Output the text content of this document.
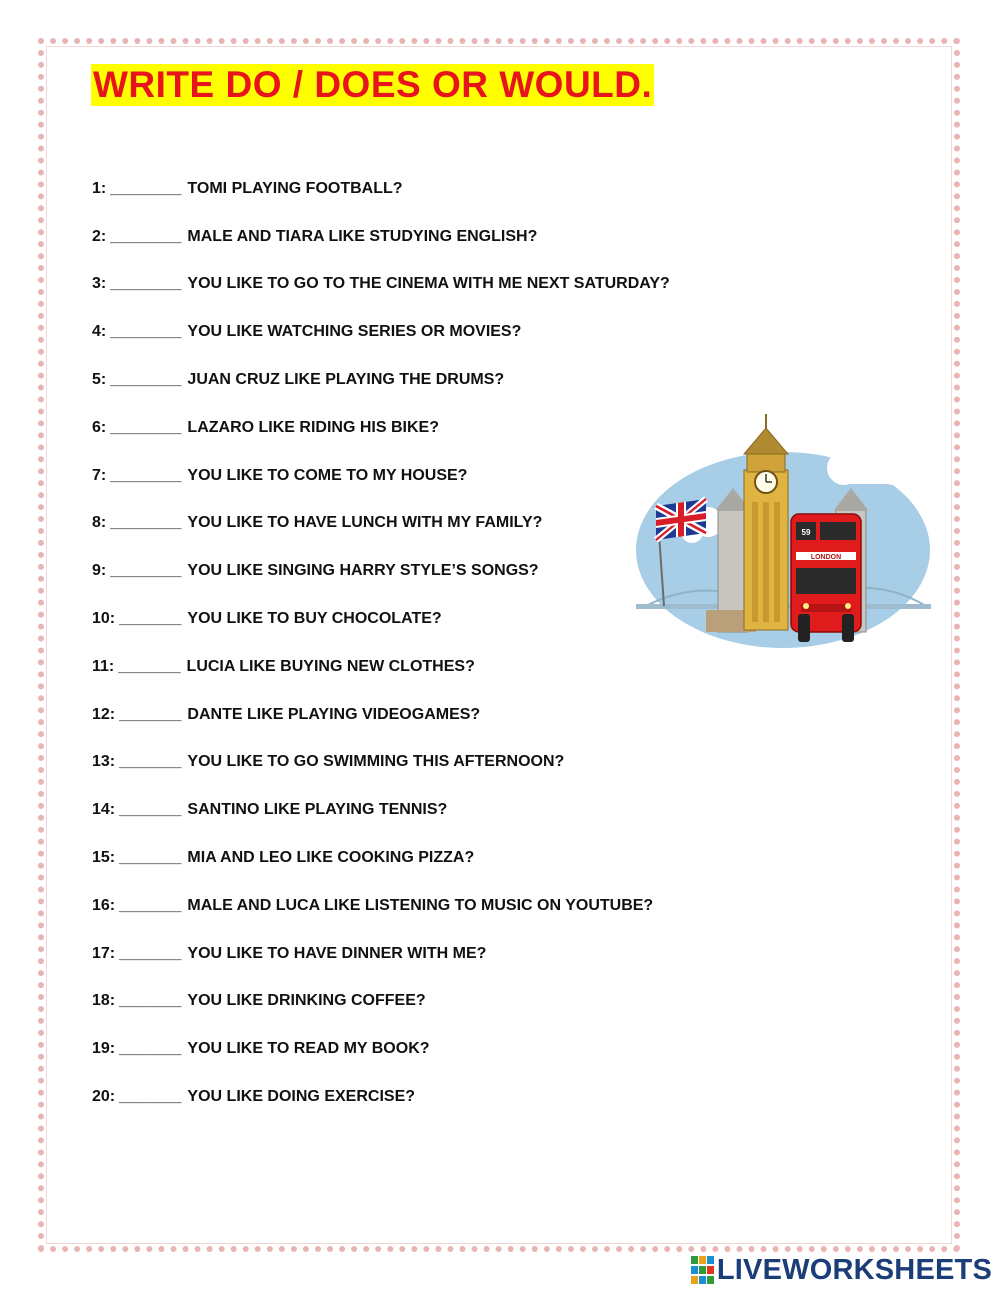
WRITE DO / DOES OR WOULD.
1: ________ TOMI PLAYING FOOTBALL?
2: ________ MALE AND TIARA LIKE STUDYING ENGLISH?
3: ________ YOU LIKE TO GO TO THE CINEMA WITH ME NEXT SATURDAY?
4: ________ YOU LIKE WATCHING SERIES OR MOVIES?
5: ________ JUAN CRUZ LIKE PLAYING THE DRUMS?
6: ________ LAZARO LIKE RIDING HIS BIKE?
7: ________ YOU LIKE TO COME TO MY HOUSE?
8: ________ YOU LIKE TO HAVE LUNCH WITH MY FAMILY?
9: ________ YOU LIKE SINGING HARRY STYLE’S SONGS?
10: _______ YOU LIKE TO BUY CHOCOLATE?
11: _______ LUCIA LIKE BUYING NEW CLOTHES?
12: _______ DANTE LIKE PLAYING VIDEOGAMES?
13: _______ YOU LIKE TO GO SWIMMING THIS AFTERNOON?
14: _______ SANTINO LIKE PLAYING TENNIS?
15: _______ MIA AND LEO LIKE COOKING PIZZA?
16: _______ MALE AND LUCA LIKE LISTENING TO MUSIC ON YOUTUBE?
17: _______ YOU LIKE TO HAVE DINNER WITH ME?
18: _______ YOU LIKE DRINKING COFFEE?
19: _______ YOU LIKE TO READ MY BOOK?
20: _______ YOU LIKE DOING EXERCISE?
59
LONDON
LIVEWORKSHEETS
